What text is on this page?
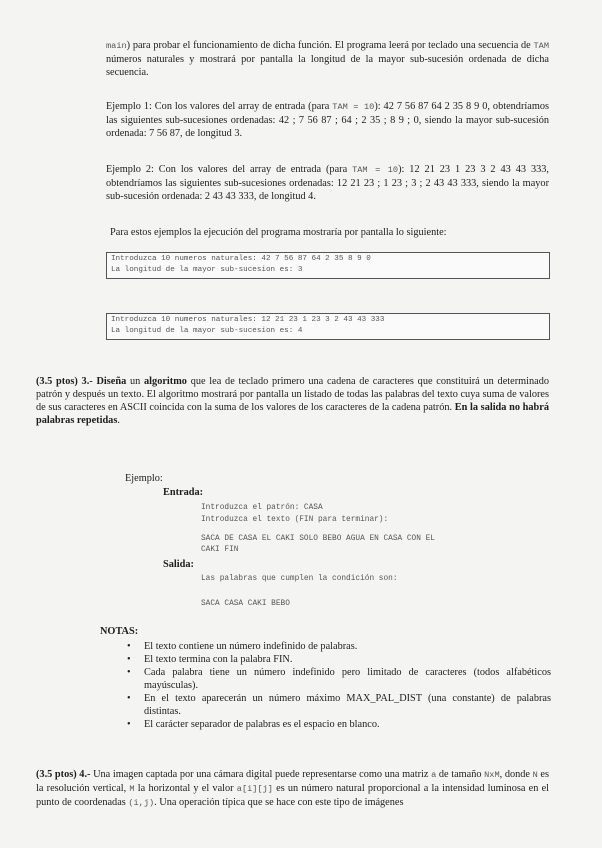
main) para probar el funcionamiento de dicha función. El programa leerá por teclado una secuencia de TAM números naturales y mostrará por pantalla la longitud de la mayor sub-sucesión ordenada de dicha secuencia.
Ejemplo 1: Con los valores del array de entrada (para TAM = 10): 42 7 56 87 64 2 35 8 9 0, obtendríamos las siguientes sub-sucesiones ordenadas: 42 ; 7 56 87 ; 64 ; 2 35 ; 8 9 ; 0, siendo la mayor sub-sucesión ordenada: 7 56 87, de longitud 3.
Ejemplo 2: Con los valores del array de entrada (para TAM = 10): 12 21 23 1 23 3 2 43 43 333, obtendríamos las siguientes sub-sucesiones ordenadas: 12 21 23 ; 1 23 ; 3 ; 2 43 43 333, siendo la mayor sub-sucesión ordenada: 2 43 43 333, de longitud 4.
Para estos ejemplos la ejecución del programa mostraría por pantalla lo siguiente:
Introduzca 10 numeros naturales: 42 7 56 87 64 2 35 8 9 0
La longitud de la mayor sub-sucesion es: 3
Introduzca 10 numeros naturales: 12 21 23 1 23 3 2 43 43 333
La longitud de la mayor sub-sucesion es: 4
(3.5 ptos) 3.- Diseña un algoritmo que lea de teclado primero una cadena de caracteres que constituirá un determinado patrón y después un texto. El algoritmo mostrará por pantalla un listado de todas las palabras del texto cuya suma de valores de sus caracteres en ASCII coincida con la suma de los valores de los caracteres de la cadena patrón. En la salida no habrá palabras repetidas.
Ejemplo:
Entrada:
Introduzca el patrón: CASA
Introduzca el texto (FIN para terminar):
SACA DE CASA EL CAKI SOLO BEBO AGUA EN CASA CON EL
CAKI FIN
Salida:
Las palabras que cumplen la condición son:
SACA CASA CAKI BEBO
NOTAS:
• El texto contiene un número indefinido de palabras.
• El texto termina con la palabra FIN.
• Cada palabra tiene un número indefinido pero limitado de caracteres (todos alfabéticos mayúsculas).
• En el texto aparecerán un número máximo MAX_PAL_DIST (una constante) de palabras distintas.
• El carácter separador de palabras es el espacio en blanco.
(3.5 ptos) 4.- Una imagen captada por una cámara digital puede representarse como una matriz a de tamaño NxM, donde N es la resolución vertical, M la horizontal y el valor a[i][j] es un número natural proporcional a la intensidad luminosa en el punto de coordenadas (i,j). Una operación típica que se hace con este tipo de imágenes
